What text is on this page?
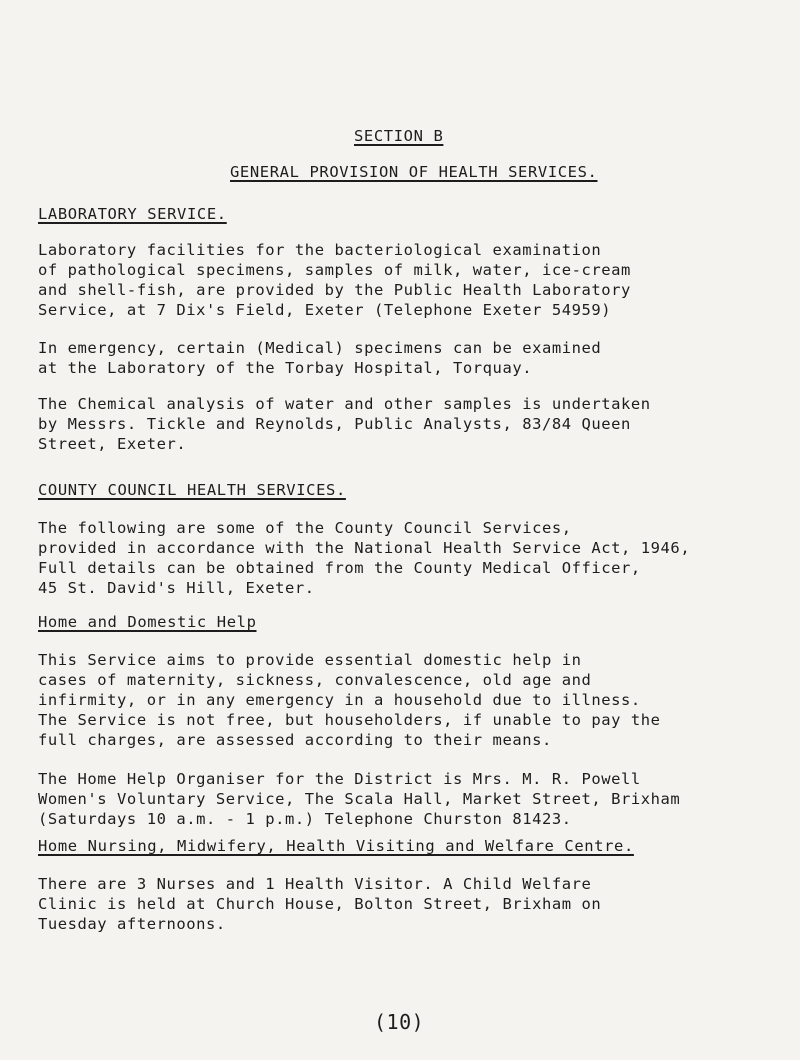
SECTION B

GENERAL PROVISION OF HEALTH SERVICES.

LABORATORY SERVICE.

Laboratory facilities for the bacteriological examination
of pathological specimens, samples of milk, water, ice-cream
and shell-fish, are provided by the Public Health Laboratory
Service, at 7 Dix's Field, Exeter (Telephone Exeter 54959)
In emergency, certain (Medical) specimens can be examined
at the Laboratory of the Torbay Hospital, Torquay.
The Chemical analysis of water and other samples is undertaken
by Messrs. Tickle and Reynolds, Public Analysts, 83/84 Queen
Street, Exeter.

COUNTY COUNCIL HEALTH SERVICES.

The following are some of the County Council Services,
provided in accordance with the National Health Service Act, 1946,
Full details can be obtained from the County Medical Officer,
45 St. David's Hill, Exeter.

Home and Domestic Help

This Service aims to provide essential domestic help in
cases of maternity, sickness, convalescence, old age and
infirmity, or in any emergency in a household due to illness.
The Service is not free, but householders, if unable to pay the
full charges, are assessed according to their means.
The Home Help Organiser for the District is Mrs. M. R. Powell
Women's Voluntary Service, The Scala Hall, Market Street, Brixham
(Saturdays 10 a.m. - 1 p.m.) Telephone Churston 81423.

Home Nursing, Midwifery, Health Visiting and Welfare Centre.

There are 3 Nurses and 1 Health Visitor. A Child Welfare
Clinic is held at Church House, Bolton Street, Brixham on
Tuesday afternoons.

(10)
